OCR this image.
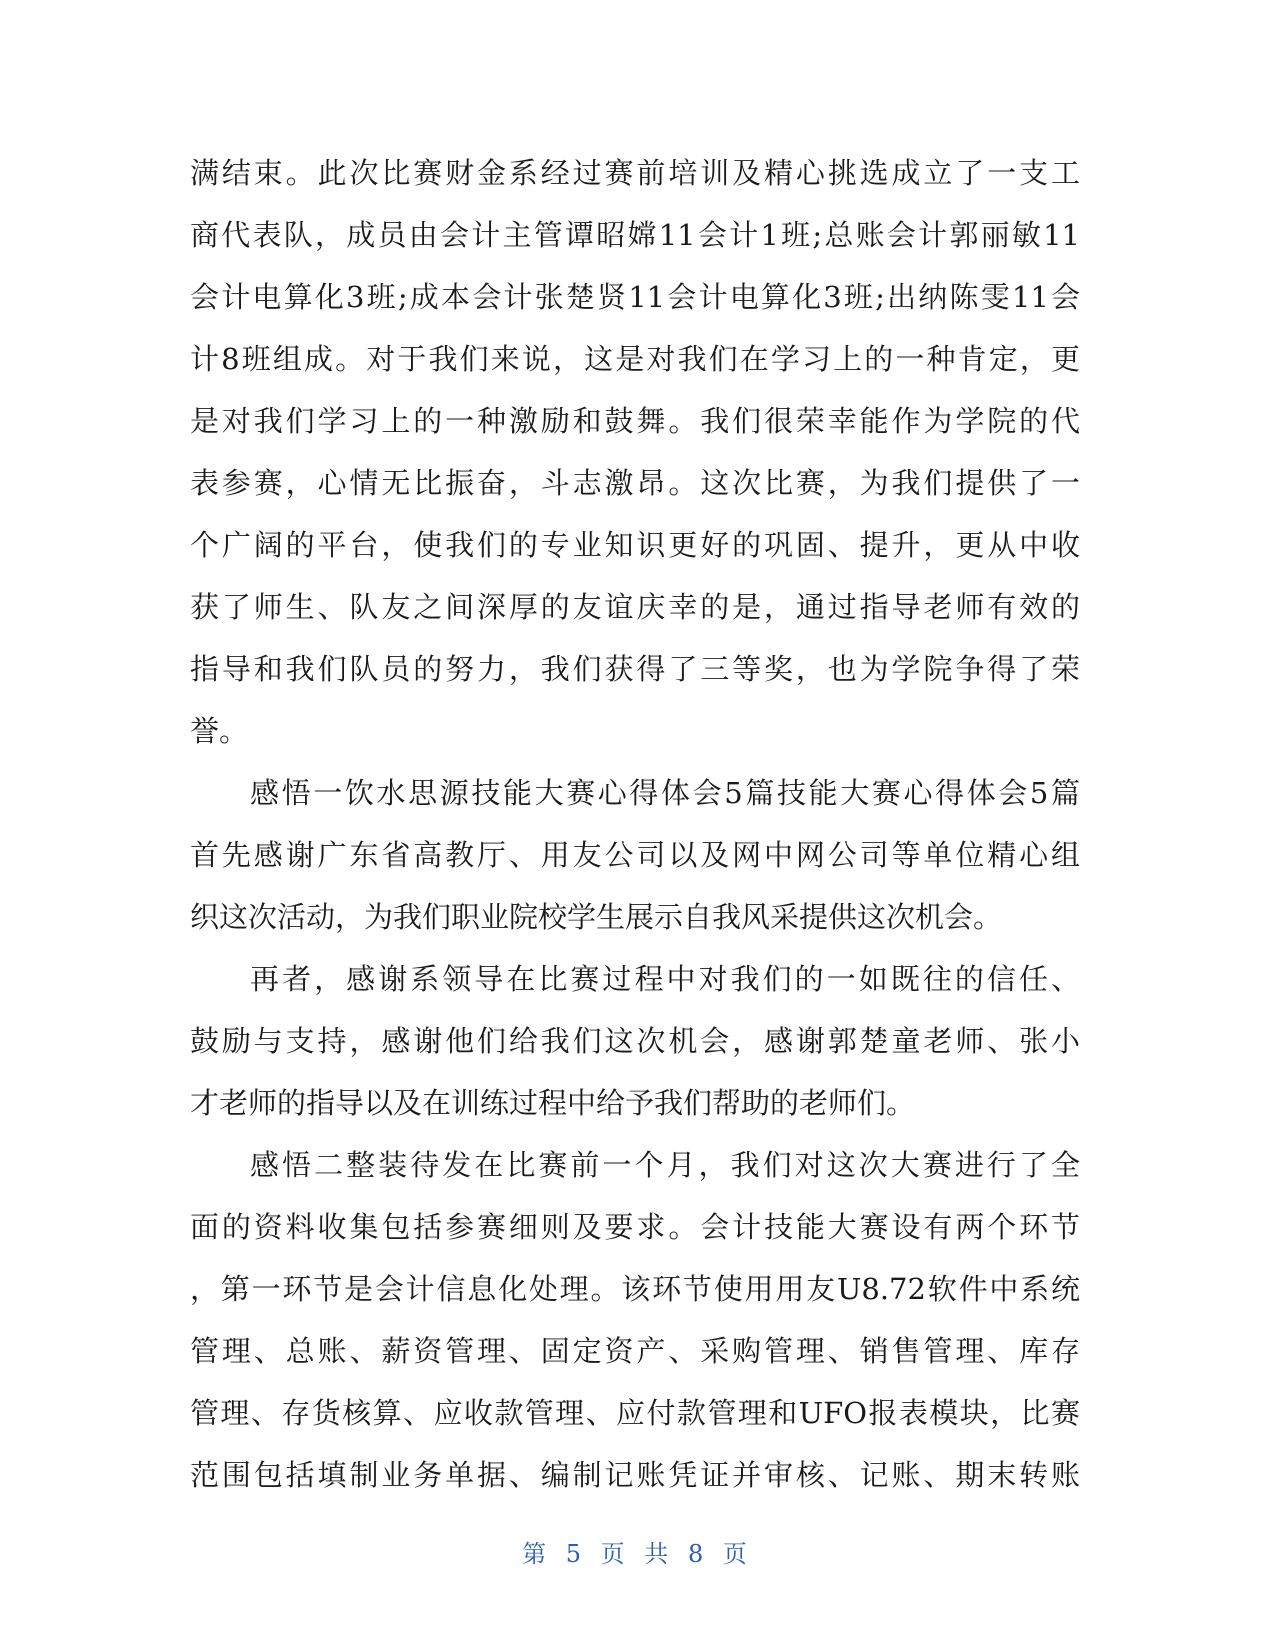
满结束。此次比赛财金系经过赛前培训及精心挑选成立了一支工
商代表队，成员由会计主管谭昭嫦11会计1班;总账会计郭丽敏11
会计电算化3班;成本会计张楚贤11会计电算化3班;出纳陈雯11会
计8班组成。对于我们来说，这是对我们在学习上的一种肯定，更
是对我们学习上的一种激励和鼓舞。我们很荣幸能作为学院的代
表参赛，心情无比振奋，斗志激昂。这次比赛，为我们提供了一
个广阔的平台，使我们的专业知识更好的巩固、提升，更从中收
获了师生、队友之间深厚的友谊庆幸的是，通过指导老师有效的
指导和我们队员的努力，我们获得了三等奖，也为学院争得了荣
誉。
感悟一饮水思源技能大赛心得体会5篇技能大赛心得体会5篇
首先感谢广东省高教厅、用友公司以及网中网公司等单位精心组
织这次活动，为我们职业院校学生展示自我风采提供这次机会。
再者，感谢系领导在比赛过程中对我们的一如既往的信任、
鼓励与支持，感谢他们给我们这次机会，感谢郭楚童老师、张小
才老师的指导以及在训练过程中给予我们帮助的老师们。
感悟二整装待发在比赛前一个月，我们对这次大赛进行了全
面的资料收集包括参赛细则及要求。会计技能大赛设有两个环节
，第一环节是会计信息化处理。该环节使用用友U8.72软件中系统
管理、总账、薪资管理、固定资产、采购管理、销售管理、库存
管理、存货核算、应收款管理、应付款管理和UFO报表模块，比赛
范围包括填制业务单据、编制记账凭证并审核、记账、期末转账
第 5 页 共 8 页
